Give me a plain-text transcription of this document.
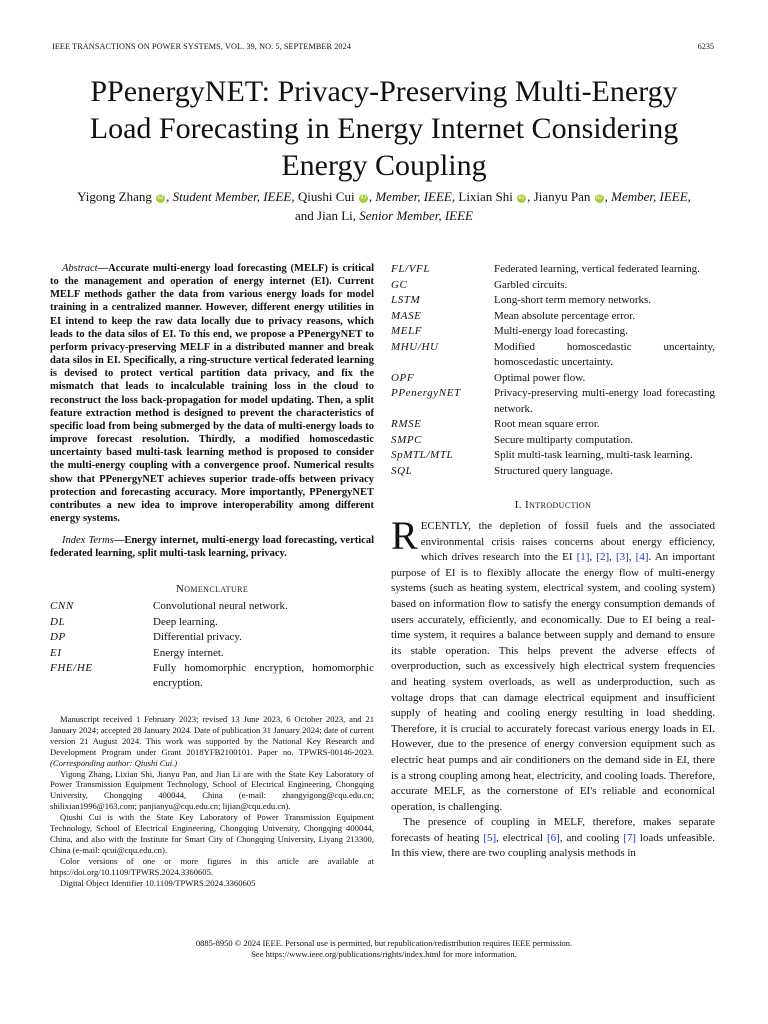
IEEE TRANSACTIONS ON POWER SYSTEMS, VOL. 39, NO. 5, SEPTEMBER 2024	6235
PPenergyNET: Privacy-Preserving Multi-Energy
Load Forecasting in Energy Internet Considering
Energy Coupling
Yigong Zhang iD , Student Member, IEEE, Qiushi Cui iD , Member, IEEE, Lixian Shi iD , Jianyu Pan iD , Member, IEEE,
and Jian Li, Senior Member, IEEE
Abstract—Accurate multi-energy load forecasting (MELF) is critical to the management and operation of energy internet (EI). Current MELF methods gather the data from various energy loads for model training in a centralized manner. However, different energy utilities in EI intend to keep the raw data locally due to privacy reasons, which leads to the data silos of EI. To this end, we propose a PPenergyNET to perform privacy-preserving MELF in a distributed manner and break data silos in EI. Specifically, a ring-structure vertical federated learning is devised to protect vertical partition data privacy, and fix the mismatch that leads to incalculable training loss in the cloud to reconstruct the loss back-propagation for model updating. Then, a split feature extraction method is designed to prevent the characteristics of specific load from being submerged by the data of multi-energy loads to improve forecast resolution. Thirdly, a modified homoscedastic uncertainty based multi-task learning method is proposed to consider the multi-energy coupling with a convergence proof. Numerical results show that PPenergyNET achieves superior trade-offs between privacy protection and forecasting accuracy. More importantly, PPenergyNET contributes a new idea to improve interoperability among different energy systems.
Index Terms—Energy internet, multi-energy load forecasting, vertical federated learning, split multi-task learning, privacy.
Nomenclature
CNN	Convolutional neural network.
DL	Deep learning.
DP	Differential privacy.
EI	Energy internet.
FHE/HE	Fully homomorphic encryption, homomorphic encryption.

Manuscript received 1 February 2023; revised 13 June 2023, 6 October 2023, and 21 January 2024; accepted 28 January 2024. Date of publication 31 January 2024; date of current version 21 August 2024. This work was supported by the National Key Research and Development Program under Grant 2018YFB2100101. Paper no. TPWRS-00146-2023. (Corresponding author: Qiushi Cui.)

Yigong Zhang, Lixian Shi, Jianyu Pan, and Jian Li are with the State Key Laboratory of Power Transmission Equipment Technology, School of Electrical Engineering, Chongqing University, Chongqing 400044, China (e-mail: zhangyigong@cqu.edu.cn; shilixian1996@163.com; panjianyu@cqu.edu.cn; lijian@cqu.edu.cn).

Qiushi Cui is with the State Key Laboratory of Power Transmission Equipment Technology, School of Electrical Engineering, Chongqing University, Chongqing 400044, China, and also with the Institute for Smart City of Chongqing University, Liyang 213300, China (e-mail: qcui@cqu.edu.cn).

Color versions of one or more figures in this article are available at https://doi.org/10.1109/TPWRS.2024.3360605.

Digital Object Identifier 10.1109/TPWRS.2024.3360605

FL/VFL	Federated learning, vertical federated learning.
GC	Garbled circuits.
LSTM	Long-short term memory networks.
MASE	Mean absolute percentage error.
MELF	Multi-energy load forecasting.
MHU/HU	Modified homoscedastic uncertainty, homoscedastic uncertainty.
OPF	Optimal power flow.
PPenergyNET	Privacy-preserving multi-energy load forecasting network.
RMSE	Root mean square error.
SMPC	Secure multiparty computation.
SpMTL/MTL	Split multi-task learning, multi-task learning.
SQL	Structured query language.
I. Introduction

RECENTLY, the depletion of fossil fuels and the associated environmental crisis raises concerns about energy efficiency, which drives research into the EI [1], [2], [3], [4]. An important purpose of EI is to flexibly allocate the energy flow of multi-energy systems (such as heating system, electrical system, and cooling system) based on information flow to satisfy the energy consumption demands of users accurately, efficiently, and economically. Due to EI being a real-time system, it requires a balance between supply and demand to ensure its stable operation. This helps prevent the adverse effects of overproduction, such as excessively high electrical system frequencies and heating system overloads, as well as underproduction, such as voltage drops that can damage electrical equipment and insufficient supply of heating and cooling energy resulting in load shedding. Therefore, it is crucial to accurately forecast various energy loads in EI. However, due to the presence of energy conversion equipment such as electric heat pumps and air conditioners on the demand side in EI, there is a strong coupling among heat, electricity, and cooling loads. Therefore, accurate MELF, as the cornerstone of EI's reliable and economical operation, is challenging.

The presence of coupling in MELF, therefore, makes separate forecasts of heating [5], electrical [6], and cooling [7] loads unfeasible. In this view, there are two coupling analysis methods in

0885-8950 © 2024 IEEE. Personal use is permitted, but republication/redistribution requires IEEE permission.
See https://www.ieee.org/publications/rights/index.html for more information.
